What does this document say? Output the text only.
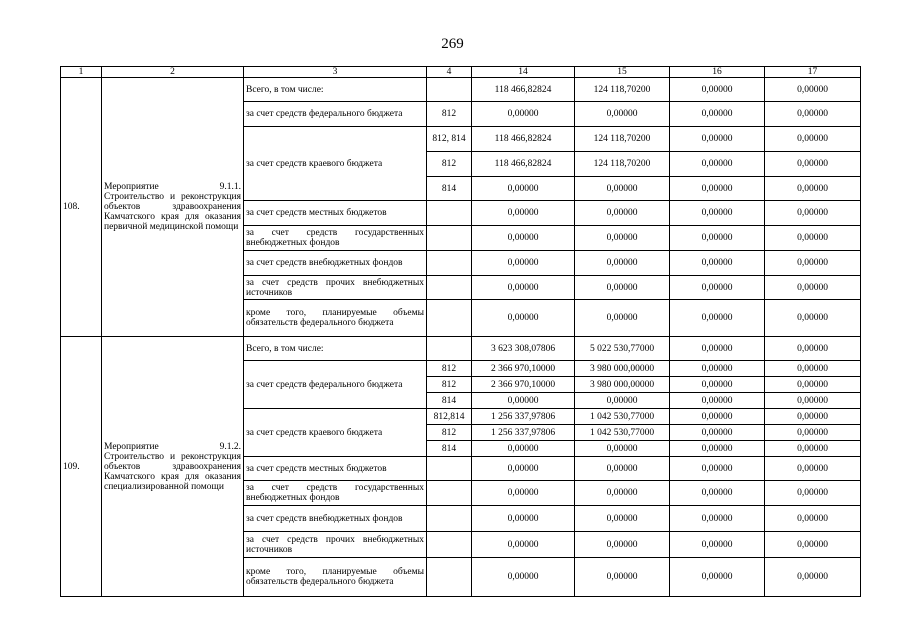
269
1	2	3	4	14	15	16	17
108.	Мероприятие 9.1.1. Строительство и реконструкция объектов здравоохранения Камчатского края для оказания первичной медицинской помощи	Всего, в том числе:		118 466,82824	124 118,70200	0,00000	0,00000
		за счет средств федерального бюджета	812	0,00000	0,00000	0,00000	0,00000
		за счет средств краевого бюджета	812, 814	118 466,82824	124 118,70200	0,00000	0,00000
			812	118 466,82824	124 118,70200	0,00000	0,00000
			814	0,00000	0,00000	0,00000	0,00000
		за счет средств местных бюджетов		0,00000	0,00000	0,00000	0,00000
		за счет средств государственных внебюджетных фондов		0,00000	0,00000	0,00000	0,00000
		за счет средств внебюджетных фондов		0,00000	0,00000	0,00000	0,00000
		за счет средств прочих внебюджетных источников		0,00000	0,00000	0,00000	0,00000
		кроме того, планируемые объемы обязательств федерального бюджета		0,00000	0,00000	0,00000	0,00000
109.	Мероприятие 9.1.2. Строительство и реконструкция объектов здравоохранения Камчатского края для оказания специализированной помощи	Всего, в том числе:		3 623 308,07806	5 022 530,77000	0,00000	0,00000
		за счет средств федерального бюджета	812	2 366 970,10000	3 980 000,00000	0,00000	0,00000
			812	2 366 970,10000	3 980 000,00000	0,00000	0,00000
			814	0,00000	0,00000	0,00000	0,00000
		за счет средств краевого бюджета	812,814	1 256 337,97806	1 042 530,77000	0,00000	0,00000
			812	1 256 337,97806	1 042 530,77000	0,00000	0,00000
			814	0,00000	0,00000	0,00000	0,00000
		за счет средств местных бюджетов		0,00000	0,00000	0,00000	0,00000
		за счет средств государственных внебюджетных фондов		0,00000	0,00000	0,00000	0,00000
		за счет средств внебюджетных фондов		0,00000	0,00000	0,00000	0,00000
		за счет средств прочих внебюджетных источников		0,00000	0,00000	0,00000	0,00000
		кроме того, планируемые объемы обязательств федерального бюджета		0,00000	0,00000	0,00000	0,00000
